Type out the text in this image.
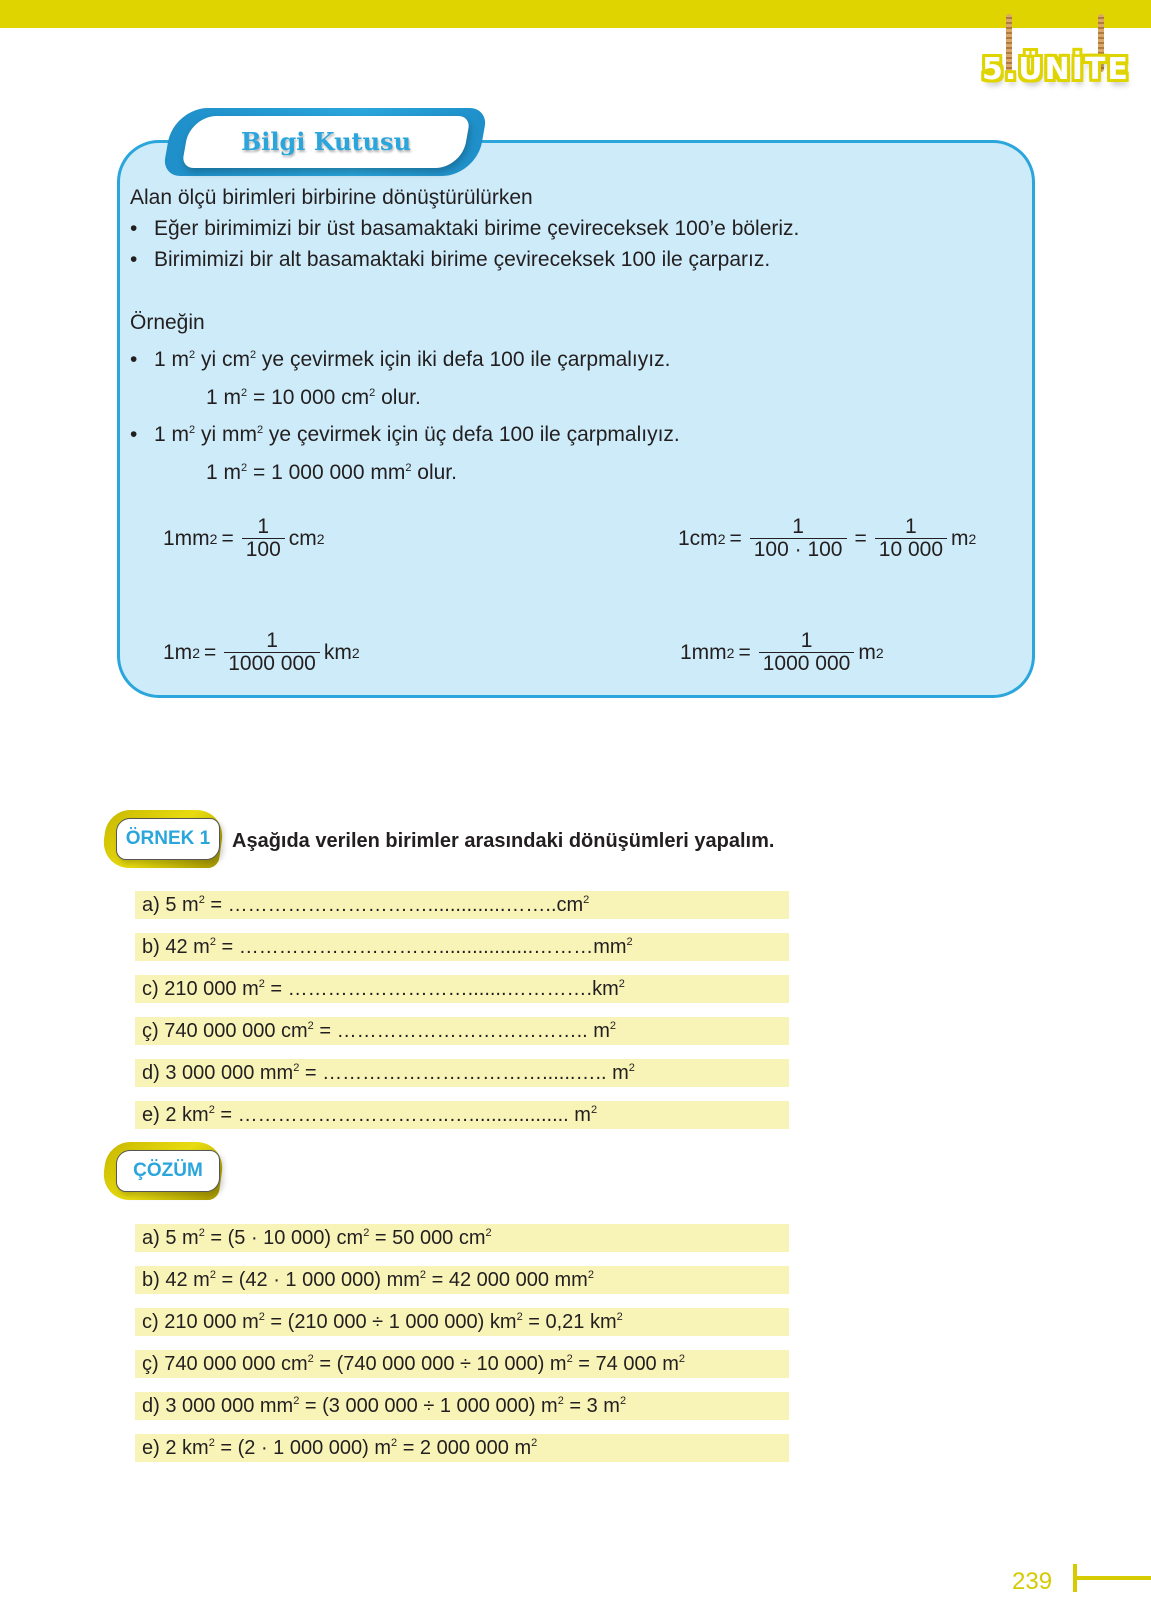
5.ÜNİTE
Bilgi Kutusu
Alan ölçü birimleri birbirine dönüştürülürken
• Eğer birimimizi bir üst basamaktaki birime çevireceksek 100’e böleriz.
• Birimimizi bir alt basamaktaki birime çevireceksek 100 ile çarparız.
Örneğin
• 1 $m^2$ yi $cm^2$ ye çevirmek için iki defa 100 ile çarpmalıyız.
1 $m^2 = 10$ 000 $cm^2$ olur.
• 1 $m^2$ yi $mm^2$ ye çevirmek için üç defa 100 ile çarpmalıyız.
1 $m^2 = 1$ 000 000 $mm^2$ olur.
1mm $2 = \frac{1}{100}$ cm 2	1cm $2 = \frac{1}{100 \cdot 100} = \frac{1}{10 000}$ m 2
1m $2 = \frac{1}{1000 000}$ km 2	1mm $2 = \frac{1}{1000 000}$ m 2
ÖRNEK 1	Aşağıda verilen birimler arasındaki dönüşümleri yapalım.
a) 5 $m^2$ = $\dots\dots\dots\dots\dots\dots\dots\dots\dots\dots..............\dots\dots..cm^2$
b) 42 $m^2$ = $\dots\dots\dots\dots\dots\dots\dots\dots\dots\dots.................\dots\dots\dots mm^2$
c) 210 000 $m^2$ = $\dots\dots\dots\dots\dots\dots\dots\dots\dots.......\dots\dots\dots\dots.km^2$
ç) 740 000 000 $cm^2$ = ……………………………….. $m^2$
d) 3 000 000 $mm^2$ = ……………………………......….. $m^2$
e) 2 $km^2$ = …………………………..….................. $m^2$
ÇÖZÜM
a) 5 $m^2 = (5 \cdot 10$ 000) $cm^2 = 50$ 000 $cm^2$
b) 42 $m^2 = (42 \cdot 1$ 000 000) $mm^2 = 42$ 000 000 $mm^2$
c) 210 000 $m^2 = (210$ 000 ÷ 1 000 000) $km^2 = 0,21$ $km^2$
ç) 740 000 000 $cm^2 = (740$ 000 000 ÷ 10 000) $m^2 = 74$ 000 $m^2$
d) 3 000 000 $mm^2 = (3$ 000 000 ÷ 1 000 000) $m^2 = 3$ $m^2$
e) 2 $km^2 = (2 \cdot 1$ 000 000) $m^2 = 2$ 000 000 $m^2$
239
